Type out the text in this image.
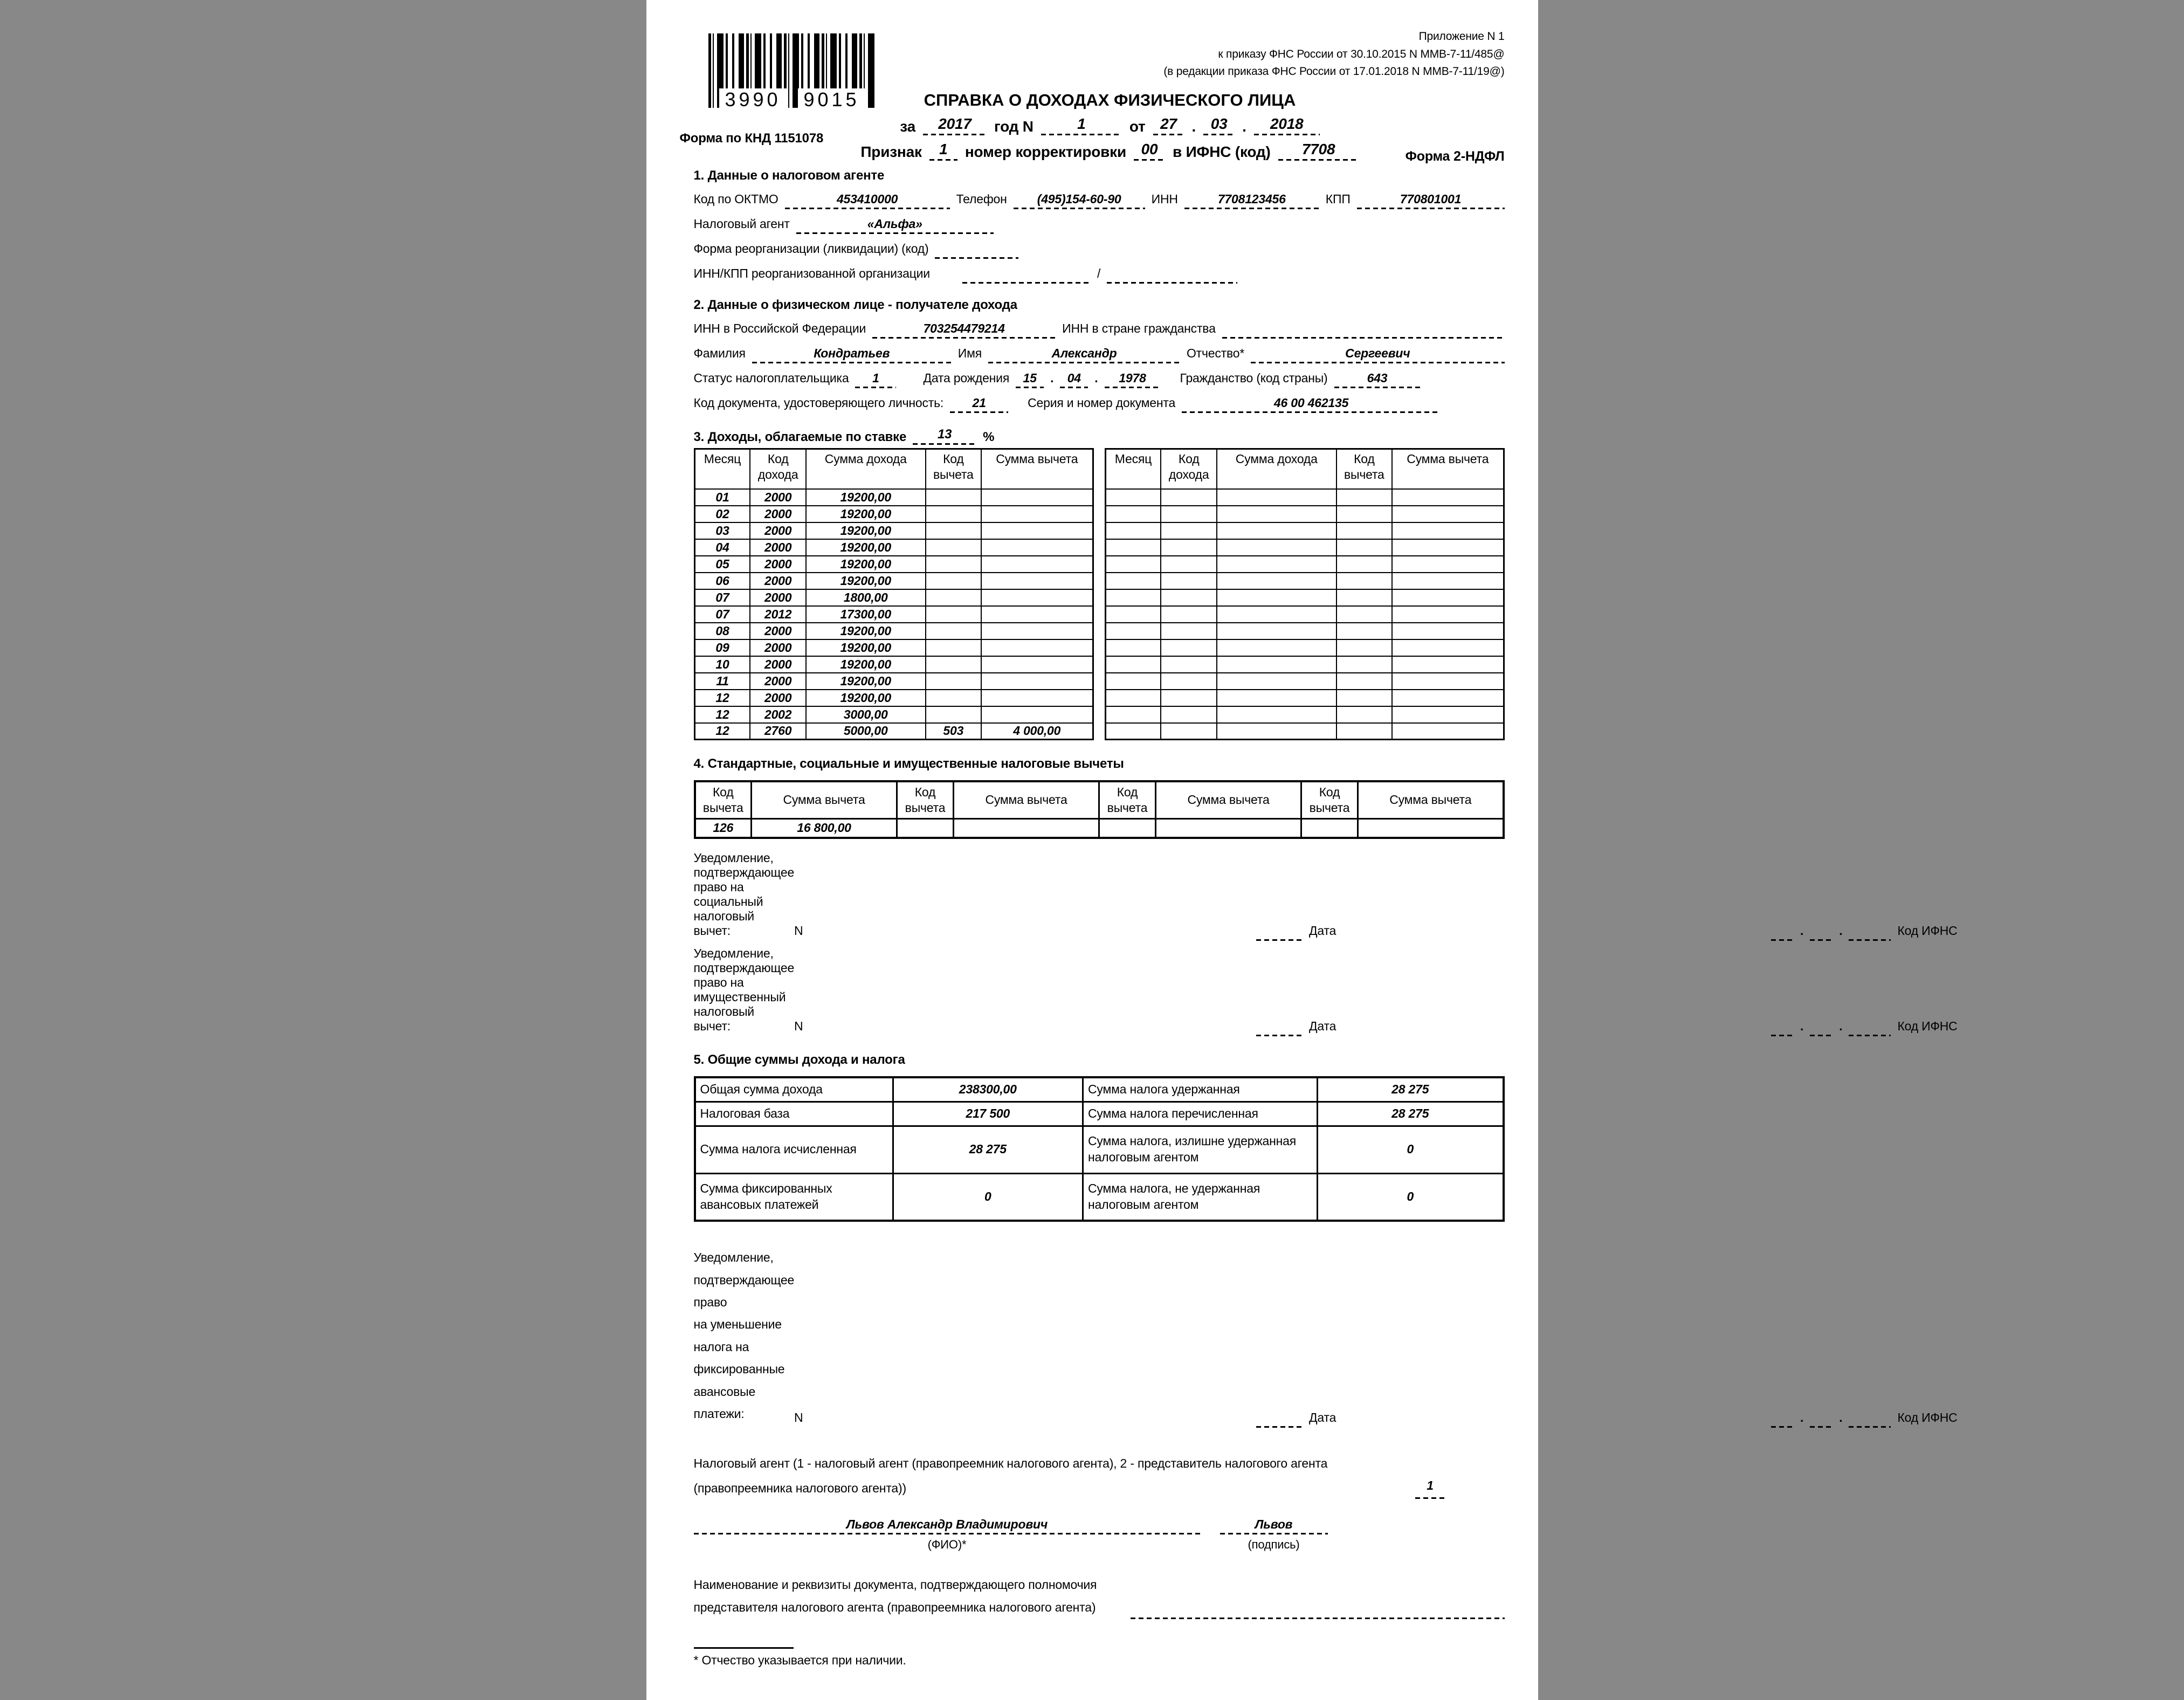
Приложение N 1
к приказу ФНС России от 30.10.2015 N ММВ-7-11/485@
(в редакции приказа ФНС России от 17.01.2018 N ММВ-7-11/19@)
3990 9015
Форма по КНД 1151078
СПРАВКА О ДОХОДАХ ФИЗИЧЕСКОГО ЛИЦА
за	2017	год N	1	от 27 . 03 .	2018
Признак	1	номер корректировки 00 в ИФНС (код)	7708	Форма 2-НДФЛ
1. Данные о налоговом агенте
Код по ОКТМО	453410000	Телефон	(495)154-60-90	ИНН	7708123456	КПП	770801001
Налоговый агент	«Альфа»
Форма реорганизации (ликвидации) (код)
ИНН/КПП реорганизованной организации	/
2. Данные о физическом лице - получателе дохода
ИНН в Российской Федерации	703254479214	ИНН в стране гражданства
Фамилия	Кондратьев	Имя	Александр	Отчество*	Сергеевич
Статус налогоплательщика	1	Дата рождения	15	.	04	.	1978	Гражданство (код страны)	643
Код документа, удостоверяющего личность:	21	Серия и номер документа	46 00 462135
3. Доходы, облагаемые по ставке	13	%
Месяц	Код дохода	Сумма дохода	Код вычета	Сумма вычета
01	2000	19200,00		
02	2000	19200,00		
03	2000	19200,00		
04	2000	19200,00		
05	2000	19200,00		
06	2000	19200,00		
07	2000	1800,00		
07	2012	17300,00		
08	2000	19200,00		
09	2000	19200,00		
10	2000	19200,00		
11	2000	19200,00		
12	2000	19200,00		
12	2002	3000,00		
12	2760	5000,00	503	4 000,00
Месяц	Код дохода	Сумма дохода	Код вычета	Сумма вычета

4. Стандартные, социальные и имущественные налоговые вычеты
Код вычета	Сумма вычета	Код вычета	Сумма вычета	Код вычета	Сумма вычета	Код вычета	Сумма вычета
126	16 800,00						
Уведомление, подтверждающее право на социальный налоговый вычет:	N	Дата	.	.	Код ИФНС
Уведомление, подтверждающее право на имущественный налоговый вычет:	N	Дата	.	.	Код ИФНС
5. Общие суммы дохода и налога
Общая сумма дохода	238300,00	Сумма налога удержанная	28 275
Налоговая база	217 500	Сумма налога перечисленная	28 275
Сумма налога исчисленная	28 275	Сумма налога, излишне удержанная налоговым агентом	0
Сумма фиксированных авансовых платежей	0	Сумма налога, не удержанная налоговым агентом	0
Уведомление, подтверждающее право
на уменьшение налога на фиксированные авансовые платежи:	N	Дата	.	.	Код ИФНС
Налоговый агент (1 - налоговый агент (правопреемник налогового агента), 2 - представитель налогового агента
(правопреемника налогового агента))	1
Львов Александр Владимирович
(ФИО)*
Львов
(подпись)
Наименование и реквизиты документа, подтверждающего полномочия
представителя налогового агента (правопреемника налогового агента)

* Отчество указывается при наличии.
